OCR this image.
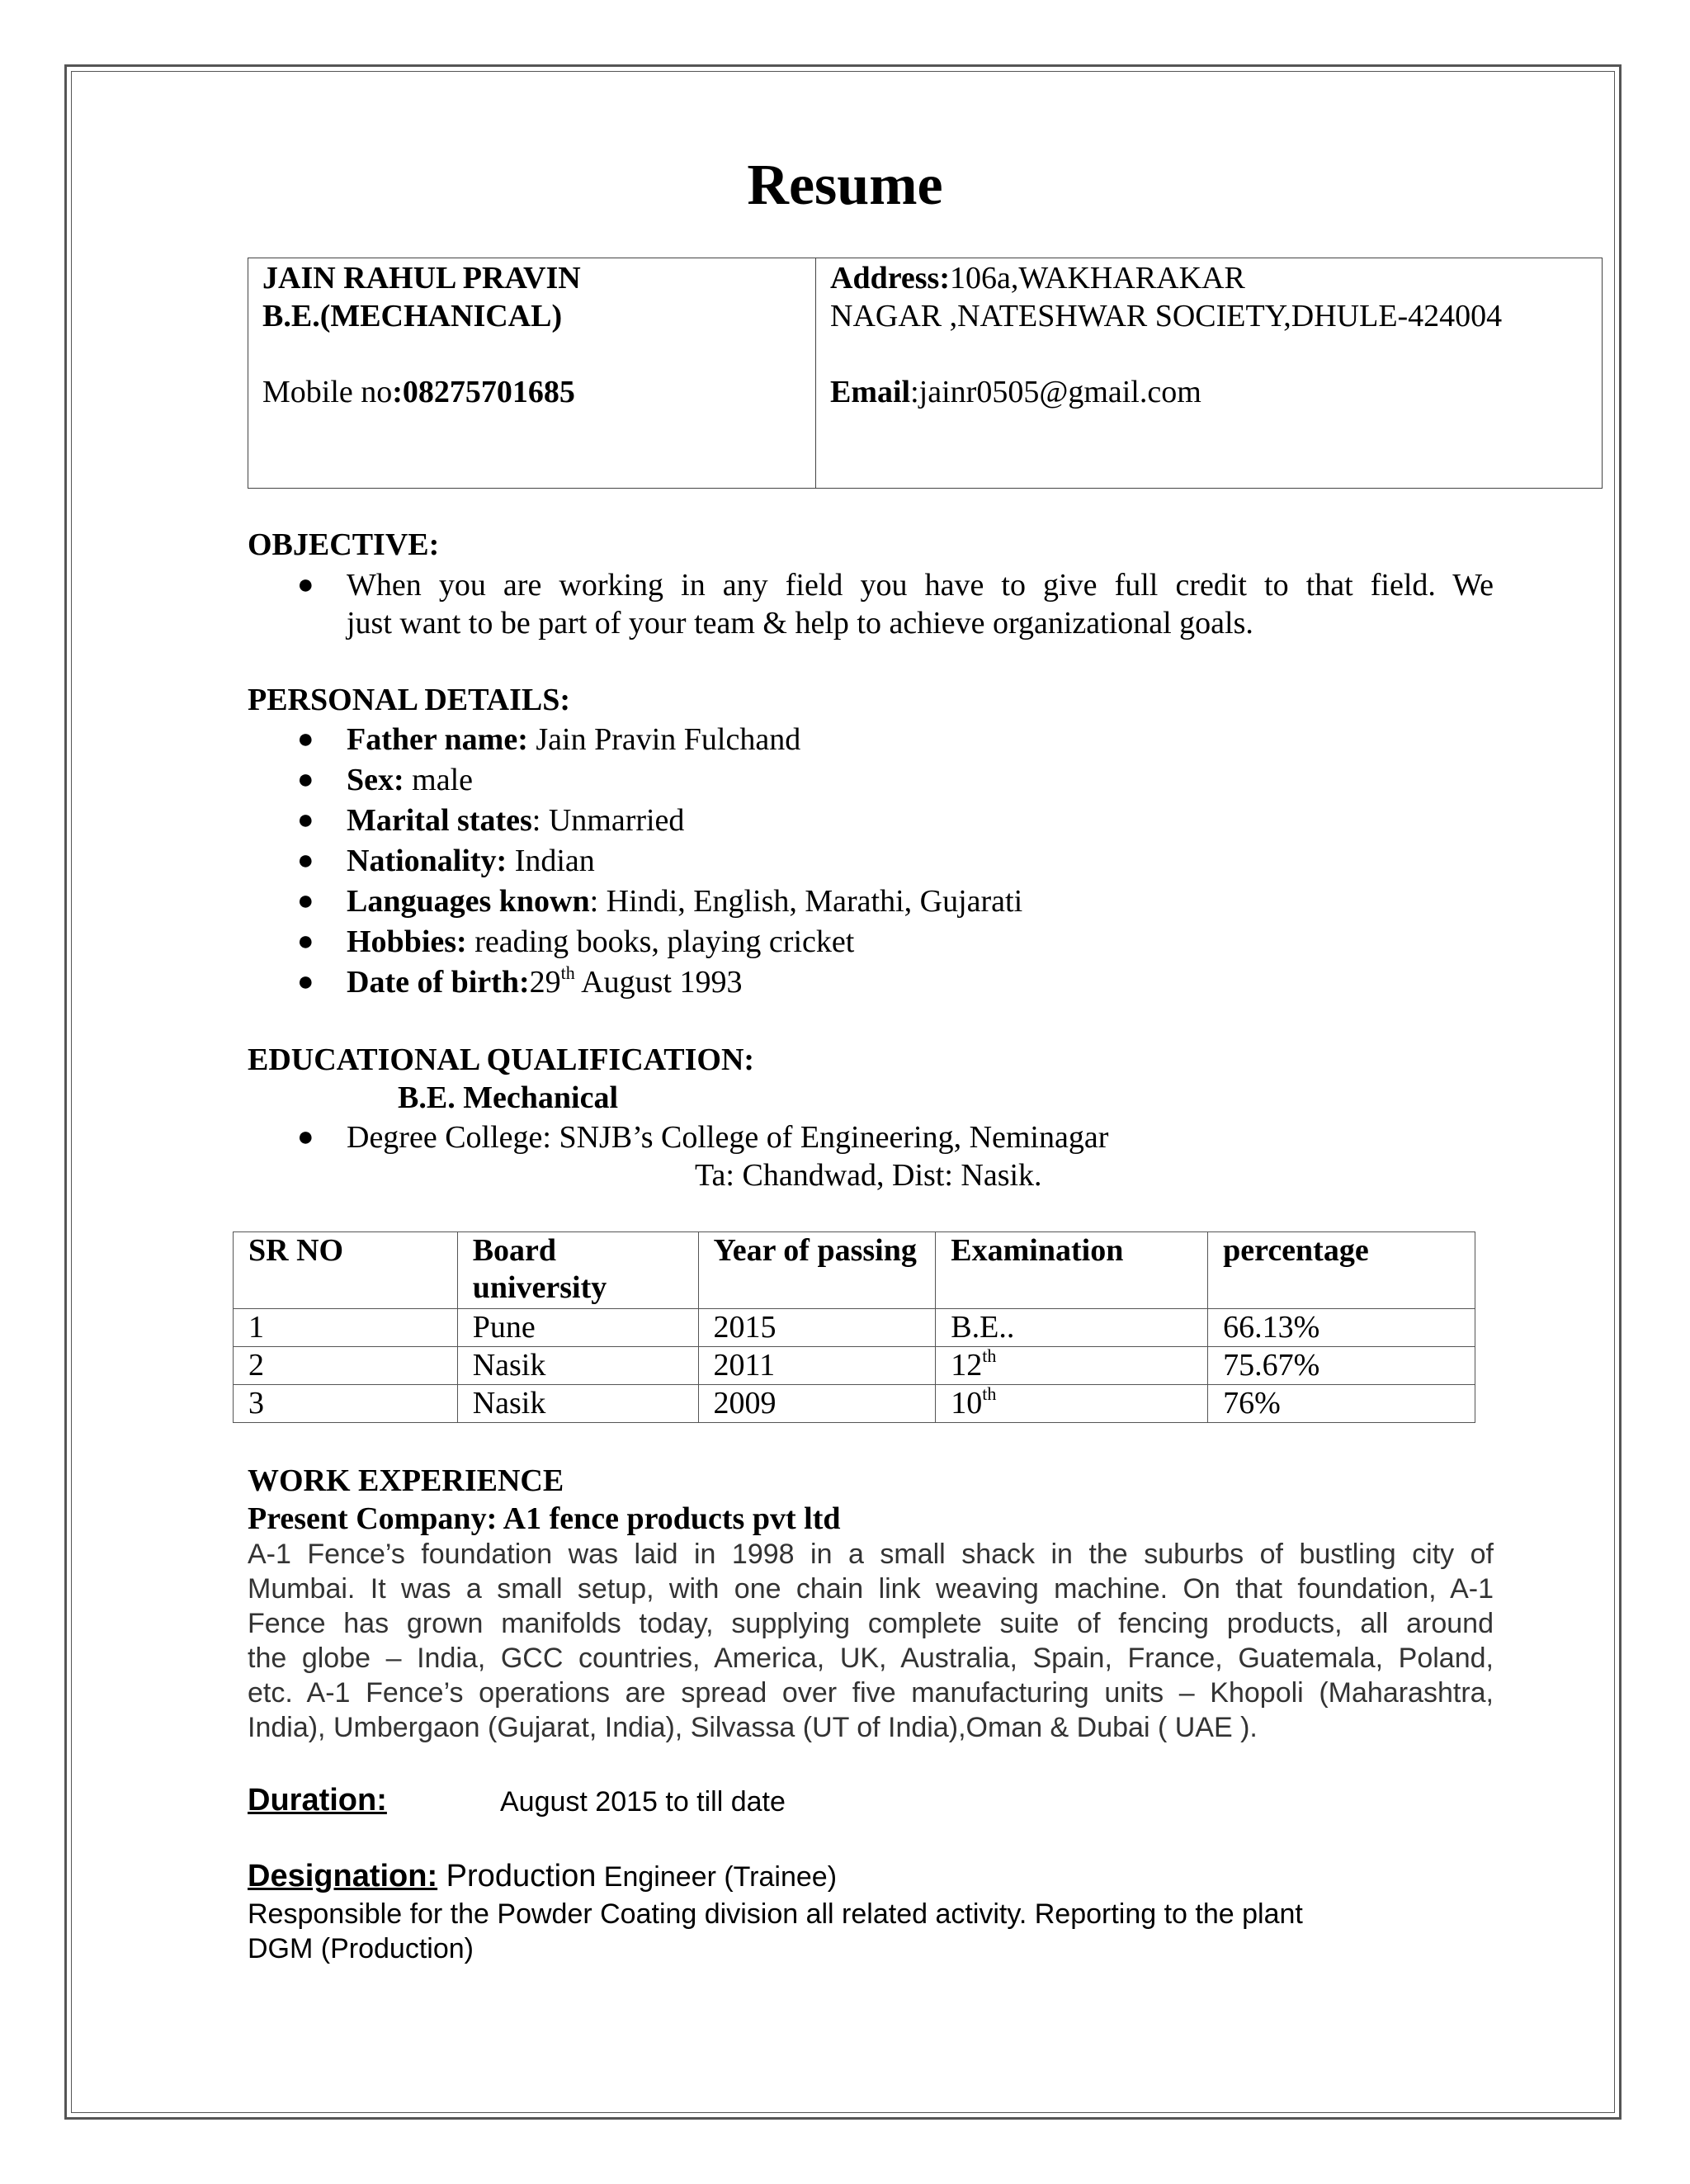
Resume
JAIN RAHUL PRAVIN
B.E.(MECHANICAL)
Mobile no:08275701685
Address:106a,WAKHARAKAR
NAGAR ,NATESHWAR SOCIETY,DHULE-424004
Email:jainr0505@gmail.com
OBJECTIVE:
● When you are working in any field you have to give full credit to that field. We
just want to be part of your team & help to achieve organizational goals.
PERSONAL DETAILS:
● Father name: Jain Pravin Fulchand
● Sex: male
● Marital states: Unmarried
● Nationality: Indian
● Languages known: Hindi, English, Marathi, Gujarati
● Hobbies: reading books, playing cricket
● Date of birth:29th August 1993
EDUCATIONAL QUALIFICATION:
B.E. Mechanical
● Degree College: SNJB’s College of Engineering, Neminagar
Ta: Chandwad, Dist: Nasik.
SR NO	Board university	Year of passing	Examination	percentage
1	Pune	2015	B.E..	66.13%
2	Nasik	2011	12th	75.67%
3	Nasik	2009	10th	76%
WORK EXPERIENCE
Present Company: A1 fence products pvt ltd
A-1 Fence’s foundation was laid in 1998 in a small shack in the suburbs of bustling city of
Mumbai. It was a small setup, with one chain link weaving machine. On that foundation, A-1
Fence has grown manifolds today, supplying complete suite of fencing products, all around
the globe – India, GCC countries, America, UK, Australia, Spain, France, Guatemala, Poland,
etc. A-1 Fence’s operations are spread over five manufacturing units – Khopoli (Maharashtra,
India), Umbergaon (Gujarat, India), Silvassa (UT of India),Oman & Dubai ( UAE ).
Duration:	August 2015 to till date
Designation: Production Engineer (Trainee)
Responsible for the Powder Coating division all related activity. Reporting to the plant
DGM (Production)
